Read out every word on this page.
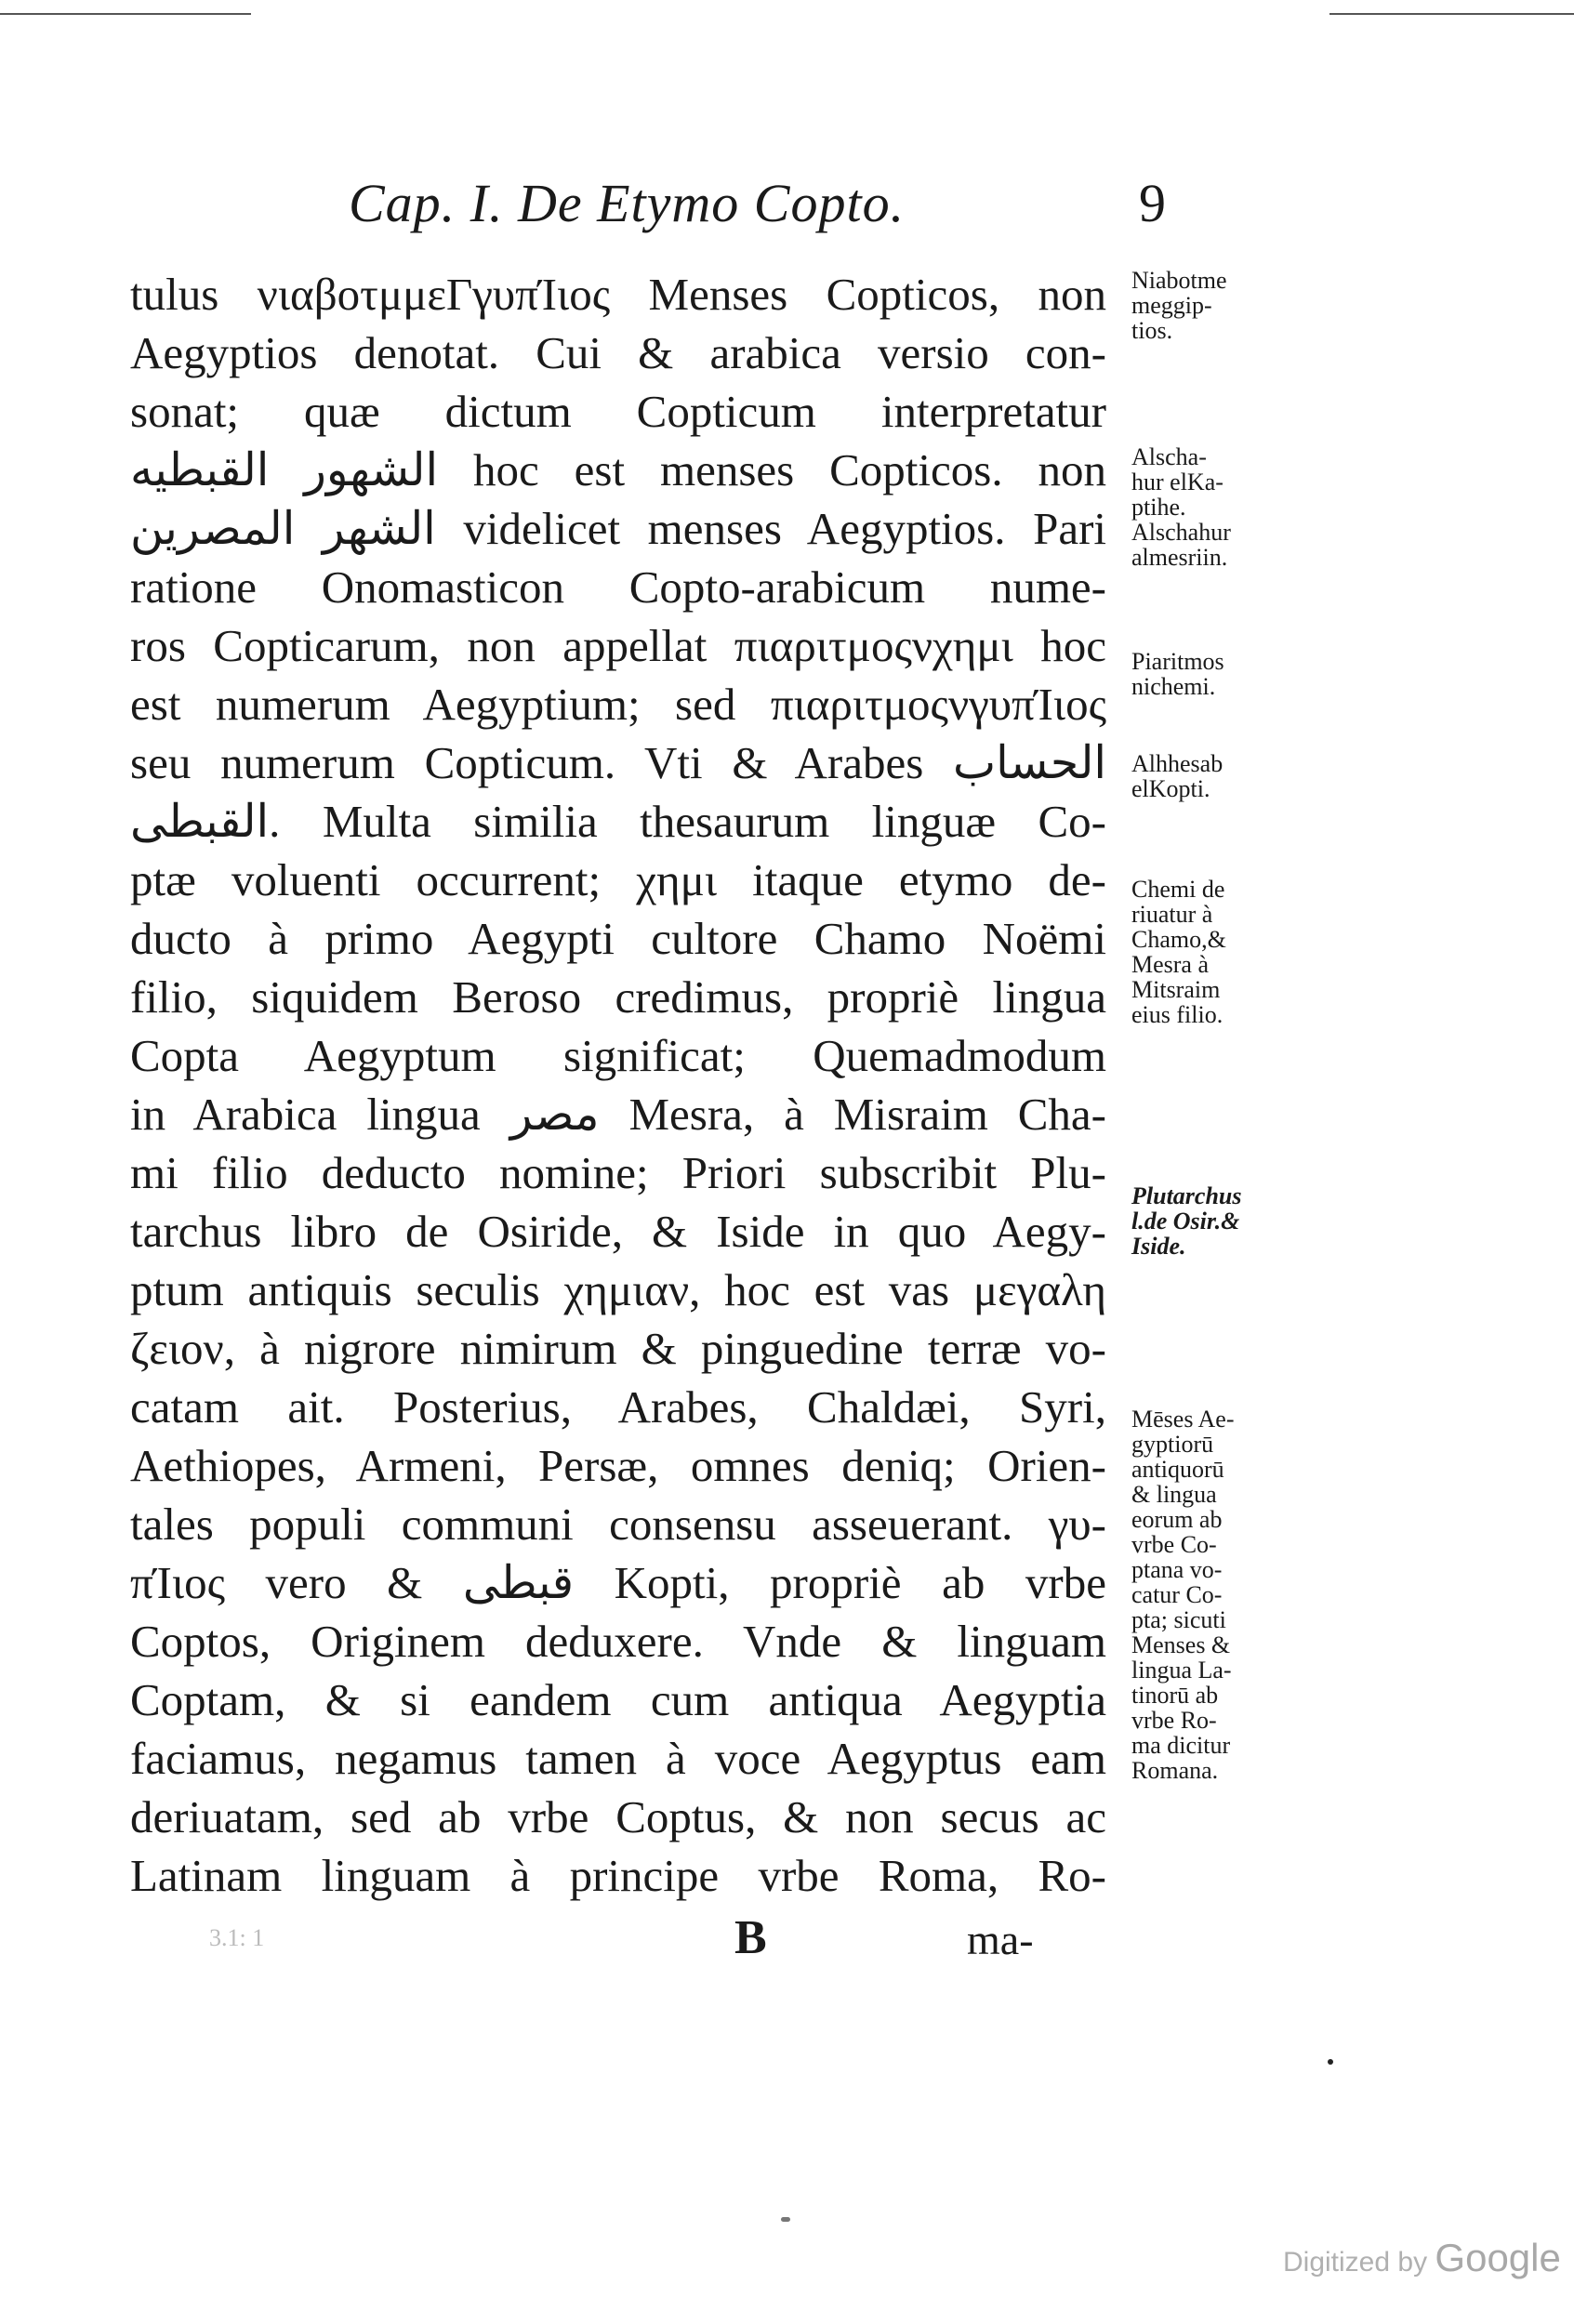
Cap. I. De Etymo Copto.	9
tulus νιαβοτμμεΓγυπΊιος Menses Copticos, non
Aegyptios denotat. Cui & arabica versio con-
sonat; quæ dictum Copticum interpretatur
الشهور القبطيه hoc est menses Copticos. non
الشهر المصرين videlicet menses Aegyptios. Pari
ratione Onomasticon Copto-arabicum nume-
ros Copticarum, non appellat πιαριτμοςνχημι hoc
est numerum Aegyptium; sed πιαριτμοςνγυπΊιος
seu numerum Copticum. Vti & Arabes الحساب
القبطى. Multa similia thesaurum linguæ Co-
ptæ voluenti occurrent; χημι itaque etymo de-
ducto à primo Aegypti cultore Chamo Noëmi
filio, siquidem Beroso credimus, propriè lingua
Copta Aegyptum significat; Quemadmodum
in Arabica lingua مصر Mesra, à Misraim Cha-
mi filio deducto nomine; Priori subscribit Plu-
tarchus libro de Osiride, & Iside in quo Aegy-
ptum antiquis seculis χημιαν, hoc est vas μεγαλη
ζειον, à nigrore nimirum & pinguedine terræ vo-
catam ait. Posterius, Arabes, Chaldæi, Syri,
Aethiopes, Armeni, Persæ, omnes deniq; Orien-
tales populi communi consensu asseuerant. γυ-
πΊιος vero & قبطى Kopti, propriè ab vrbe
Coptos, Originem deduxere. Vnde & linguam
Coptam, & si eandem cum antiqua Aegyptia
faciamus, negamus tamen à voce Aegyptus eam
deriuatam, sed ab vrbe Coptus, & non secus ac
Latinam linguam à principe vrbe Roma, Ro-
Niabotme
meggip-
tios.
Alscha-
hur elKa-
ptihe.
Alschahur
almesriin.
Piaritmos
nichemi.
Alhhesab
elKopti.
Chemi de
riuatur à
Chamo,&
Mesra à
Mitsraim
eius filio.
Plutarchus
l.de Osir.&
Iside.
Mēses Ae-
gyptiorū
antiquorū
& lingua
eorum ab
vrbe Co-
ptana vo-
catur Co-
pta; sicuti
Menses &
lingua La-
tinorū ab
vrbe Ro-
ma dicitur
Romana.
3.1: 1	B	ma-
Digitized by Google
